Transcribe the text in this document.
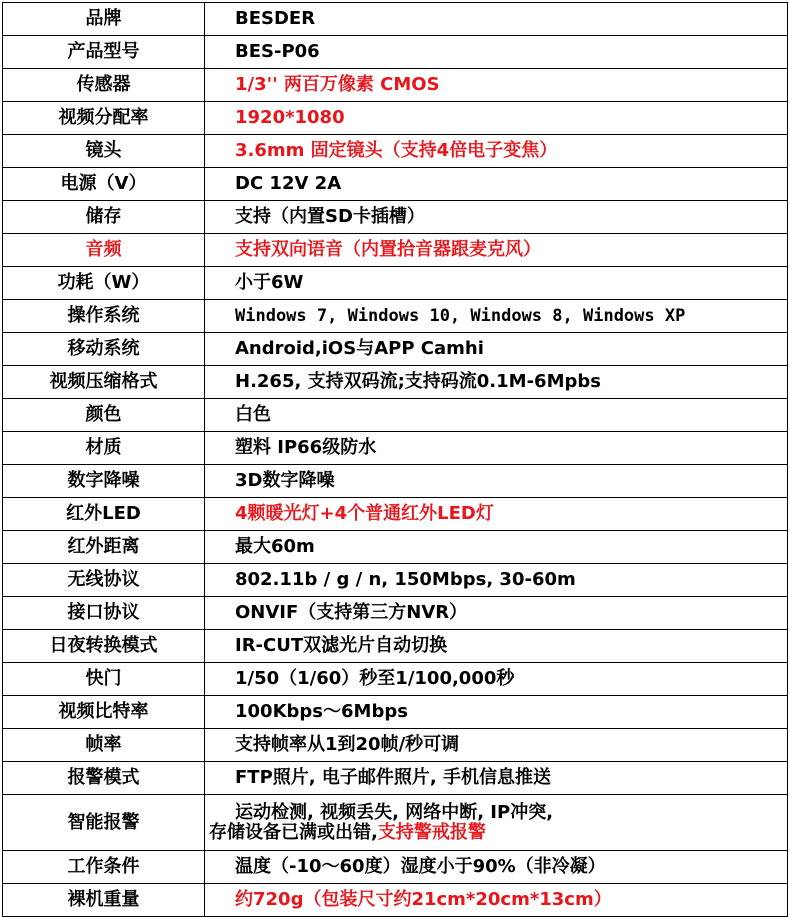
品牌	BESDER
产品型号	BES-P06
传感器	1/3'' 两百万像素 CMOS
视频分配率	1920*1080
镜头	3.6mm 固定镜头（支持4倍电子变焦）
电源（V）	DC 12V 2A
储存	支持（内置SD卡插槽）
音频	支持双向语音（内置拾音器跟麦克风）
功耗（W）	小于6W
操作系统	Windows 7, Windows 10, Windows 8, Windows XP
移动系统	Android,iOS与APP Camhi
视频压缩格式	H.265, 支持双码流;支持码流0.1M-6Mpbs
颜色	白色
材质	塑料 IP66级防水
数字降噪	3D数字降噪
红外LED	4颗暖光灯+4个普通红外LED灯
红外距离	最大60m
无线协议	802.11b / g / n, 150Mbps, 30-60m
接口协议	ONVIF（支持第三方NVR）
日夜转换模式	IR-CUT双滤光片自动切换
快门	1/50（1/60）秒至1/100,000秒
视频比特率	100Kbps～6Mbps
帧率	支持帧率从1到20帧/秒可调
报警模式	FTP照片, 电子邮件照片, 手机信息推送
智能报警	运动检测, 视频丢失, 网络中断, IP冲突,
存储设备已满或出错,支持警戒报警

工作条件	温度（-10～60度）湿度小于90%（非冷凝）
裸机重量	约720g（包装尺寸约21cm*20cm*13cm）
